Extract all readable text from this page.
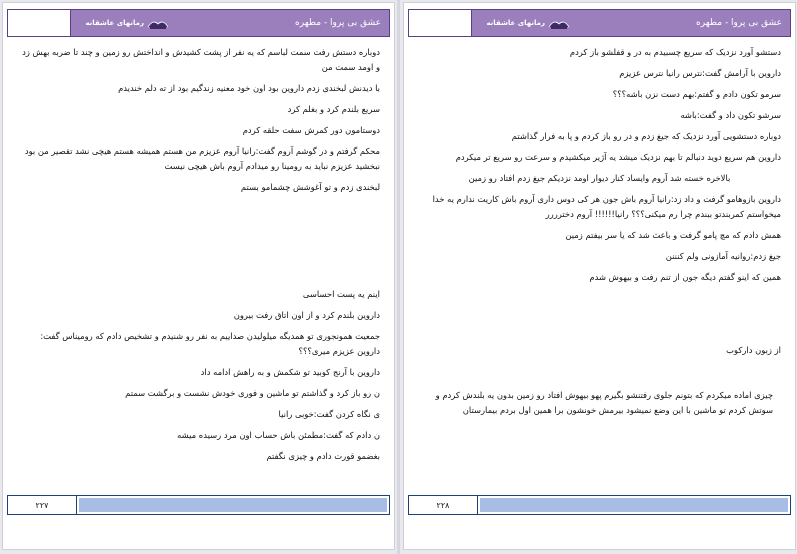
عشق بی پروا - مطهره
رمانهای عاشقانه

دوباره دستش رفت سمت لباسم که یه نفر از پشت کشیدش و انداختش رو زمین و چند تا ضربه بهش زد و اومد سمت من

با دیدنش لبخندی زدم داروین بود اون خود معنیه زندگیم بود از ته دلم خندیدم

سریع بلندم کرد و بغلم کرد

دوستامون دور کمرش سفت حلقه کردم

محکم گرفتم و در گوشم آروم گفت:رانیا آروم عزیزم من هستم همیشه هستم هیچی نشد تقصیر من بود نبخشید عزیزم نباید به رومینا رو میدادم آروم باش هیچی نیست

لبخندی زدم و تو آغوشش چشمامو بستم

اینم یه پست احساسی

داروین بلندم کرد و از اون اتاق رفت بیرون

جمعیت همونجوری تو همدیگه میلولیدن صداییم به نفر رو شنیدم و تشخیص دادم که رومیناس گفت: داروین عزیزم میری؟؟؟

داروین با آرنج کوبید تو شکمش و به راهش ادامه داد

ن رو باز کرد و گذاشتم تو ماشین و فوری خودش نشست و برگشت سمتم

ی نگاه کردن گفت:خوبی رانیا

ن دادم که گفت:مطمئن باش حساب اون مرد رسیده میشه

بغضمو قورت دادم و چیزی نگفتم

۲۲۷
عشق بی پروا - مطهره
رمانهای عاشقانه

دستشو آورد نزدیک که سریع چسبیدم به در و قفلشو باز کردم

داروین با آرامش گفت:نترس رانیا نترس عزیزم

سرمو تکون دادم و گفتم:بهم دست نزن باشه؟؟؟

سرشو تکون داد و گفت:باشه

دوباره دستشویی آورد نزدیک که جیغ زدم و در رو باز کردم و پا به فرار گذاشتم

داروین هم سریع دوید دنبالم تا بهم نزدیک میشد یه آژیر میکشیدم و سرعت رو سریع تر میکردم

بالاخره خسته شد آروم وایساد کنار دیوار اومد نزدیکم جیغ زدم افتاد رو زمین

داروین بازوهامو گرفت و داد زد:رانیا آروم باش جون هر کی دوس داری آروم باش کاریت ندارم یه خدا میخواستم کمربندتو ببندم چرا رم میکنی؟؟؟ رانیا!!!!!! آروم دخترررر

همش دادم که مچ پامو گرفت و باعث شد که یا سر بیفتم زمین

جیغ زدم:روانیه آمازونی ولم کنننن

همین که اینو گفتم دیگه جون از تنم رفت و بیهوش شدم

از زبون دارکوب

چیزی اماده میکردم که بتونم جلوی رفتنشو بگیرم پهو بیهوش افتاد رو زمین بدون یه بلندش کردم و سوتش کردم تو ماشین با این وضع نمیشود بیرمش خونشون برا همین اول بردم بیمارستان

۲۲۸
